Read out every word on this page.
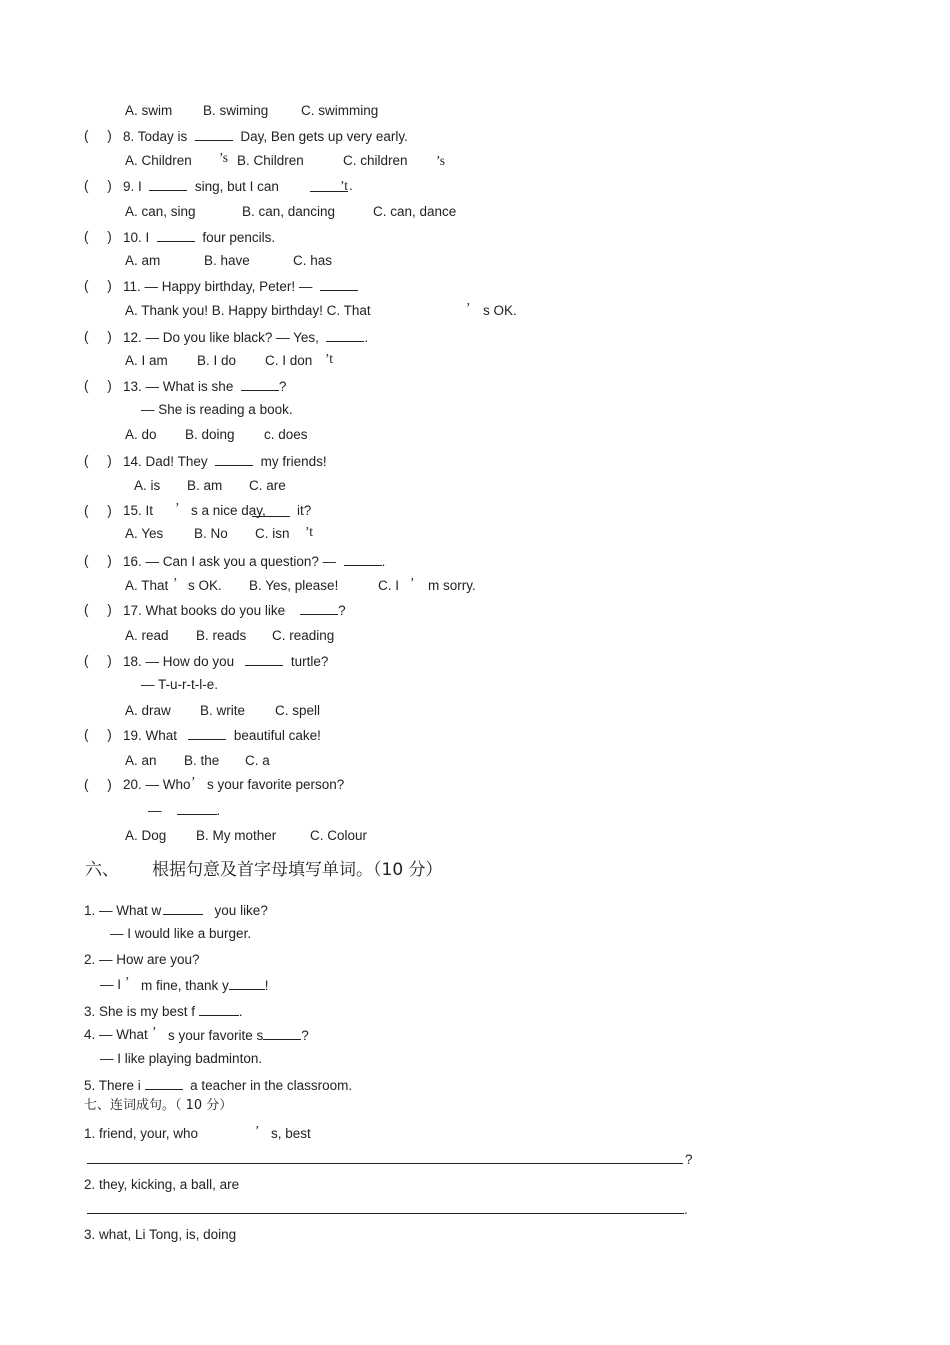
A. swim B. swiming C. swimming
(     ) 8. Today is	Day, Ben gets up very early.
A. Children ’s B. Children	C. children ’s
(     ) 9. I	sing, but I can	’t .
A. can, sing	B. can, dancing	C. can, dance
(     ) 10. I	four pencils.
A. am	B. have	C. has
(     ) 11. — Happy birthday, Peter! —
A. Thank you! B. Happy birthday! C. That	’ s OK.
(     ) 12. — Do you like black? — Yes,	.
A. I am B. I do C. I don ’t
(     ) 13. — What is she	?
— She is reading a book.
A. do B. doing c. does
(     ) 14. Dad! They	my friends!
A. is B. am C. are
(     ) 15. It ’ s a nice day, it?
A. Yes B. No C. isn ’t
(     ) 16. — Can I ask you a question? —	.
A. That ’ s OK. B. Yes, please!	C. I ’ m sorry.
(     ) 17. What books do you like	?
A. read B. reads C. reading
(     ) 18. — How do you	turtle?
— T-u-r-t-l-e.
A. draw B. write C. spell
(     ) 19. What	beautiful cake!
A. an B. the C. a
(     ) 20. — Who ’ s your favorite person?
—	.
A. Dog B. My mother C. Colour
六、 根据句意及首字母填写单词。（10 分）
1. — What w	you like?
— I would like a burger.
2. — How are you?
— I ’ m fine, thank y	!
3. She is my best f	.
4. — What ’ s your favorite s	?
— I like playing badminton.
5. There i	a teacher in the classroom.
七、连词成句。（ 10 分）
1. friend, your, who	’ s, best
?
2. they, kicking, a ball, are
.
3. what, Li Tong, is, doing
